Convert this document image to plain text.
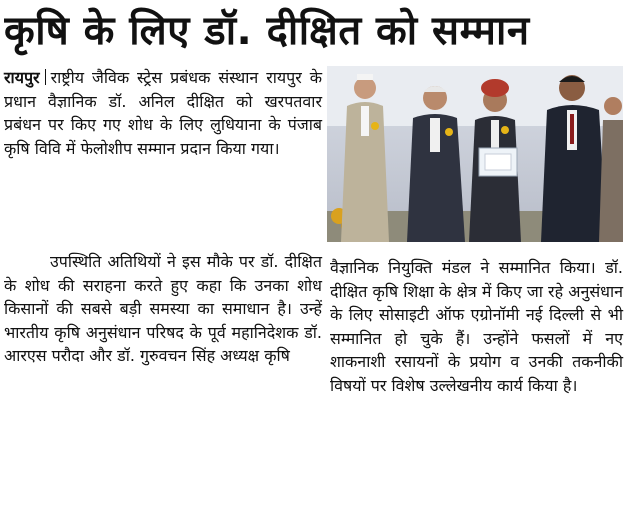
कृषि के लिए डॉ. दीक्षित को सम्मान
रायपुर राष्ट्रीय जैविक स्ट्रेस प्रबंधक संस्थान रायपुर के प्रधान वैज्ञानिक डॉ. अनिल दीक्षित को खरपतवार प्रबंधन पर किए गए शोध के लिए लुधियाना के पंजाब कृषि विवि में फेलोशीप सम्मान प्रदान किया गया।
उपस्थिति अतिथियों ने इस मौके पर डॉ. दीक्षित के शोध की सराहना करते हुए कहा कि उनका शोध किसानों की सबसे बड़ी समस्या का समाधान है। उन्हें भारतीय कृषि अनुसंधान परिषद के पूर्व महानिदेशक डॉ. आरएस परौदा और डॉ. गुरुवचन सिंह अध्यक्ष कृषि
वैज्ञानिक नियुक्ति मंडल ने सम्मानित किया। डॉ. दीक्षित कृषि शिक्षा के क्षेत्र में किए जा रहे अनुसंधान के लिए सोसाइटी ऑफ एग्रोनॉमी नई दिल्ली से भी सम्मानित हो चुके हैं। उन्होंने फसलों में नए शाकनाशी रसायनों के प्रयोग व उनकी तकनीकी विषयों पर विशेष उल्लेखनीय कार्य किया है।
